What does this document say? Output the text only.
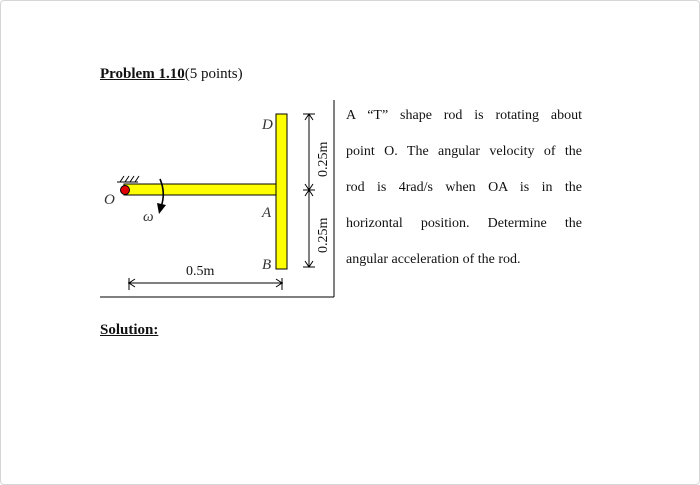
Problem 1.10(5 points)
O
ω
D
A
B
0.5m
0.25m
0.25m
A “T” shape rod is rotating about
point O. The angular velocity of the
rod is 4rad/s when OA is in the
horizontal position. Determine the
angular acceleration of the rod.
Solution:
